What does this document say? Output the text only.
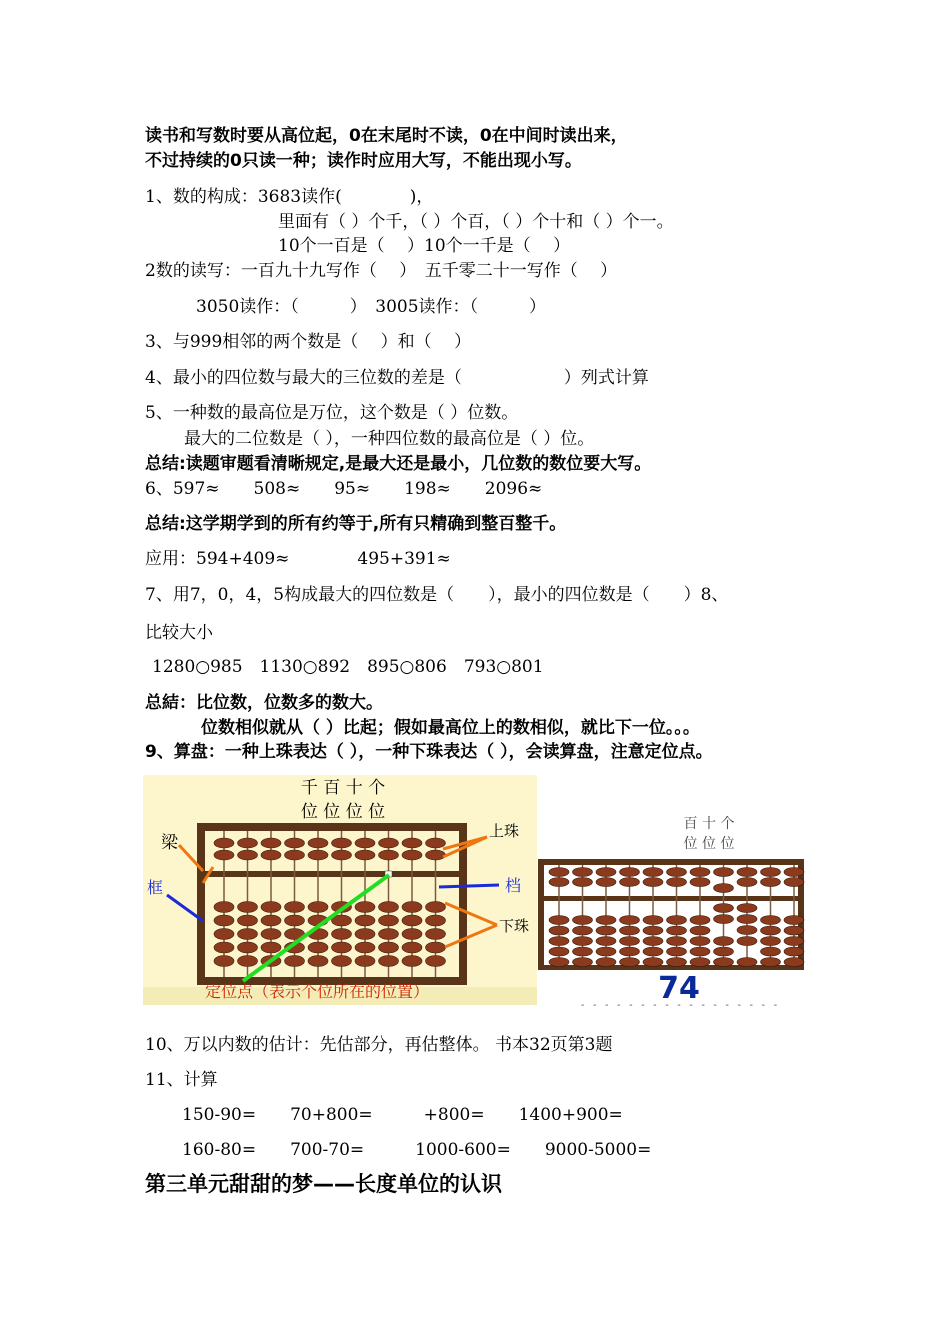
读书和写数时要从高位起，0在末尾时不读，0在中间时读出来，
不过持续的0只读一种；读作时应用大写，不能出现小写。
1、数的构成：3683读作(　　　　)，
里面有（ ）个千，（ ）个百，（ ）个十和（ ）个一。
10个一百是（　 ）10个一千是（　 ）
2数的读写：一百九十九写作（　 ）　五千零二十一写作（　 ）
3050读作：（　　　）　3005读作：（　　　）
3、与999相邻的两个数是（　 ）和（　 ）
4、最小的四位数与最大的三位数的差是（　　　　　　）列式计算
5、一种数的最高位是万位，这个数是（ ）位数。
最大的二位数是（ ），一种四位数的最高位是（ ）位。
总结:读题审题看清晰规定,是最大还是最小，几位数的数位要大写。
6、597≈　　508≈　　95≈　　198≈　　2096≈
总结:这学期学到的所有约等于,所有只精确到整百整千。
应用：594+409≈　　　　495+391≈
7、用7，0，4，5构成最大的四位数是（　　），最小的四位数是（　　）8、
比较大小
1280○985　1130○892　895○806　793○801
总結：比位数，位数多的数大。
位数相似就从（ ）比起；假如最高位上的数相似，就比下一位。。。
9、算盘：一种上珠表达（ ），一种下珠表达（ ），会读算盘，注意定位点。
10、万以内数的估计：先估部分，再估整体。 书本32页第3题
11、计算
150-90=　　70+800=　　　+800=　　1400+900=
160-80=　　700-70=　　　1000-600=　　9000-5000=
第三单元甜甜的梦——长度单位的认识
千 百 十 个
位 位 位 位
梁
框
上珠
档
下珠
定位点（表示个位所在的位置）
百 十 个
位 位 位
74
- - - - - - - - - - - - - - - - -
